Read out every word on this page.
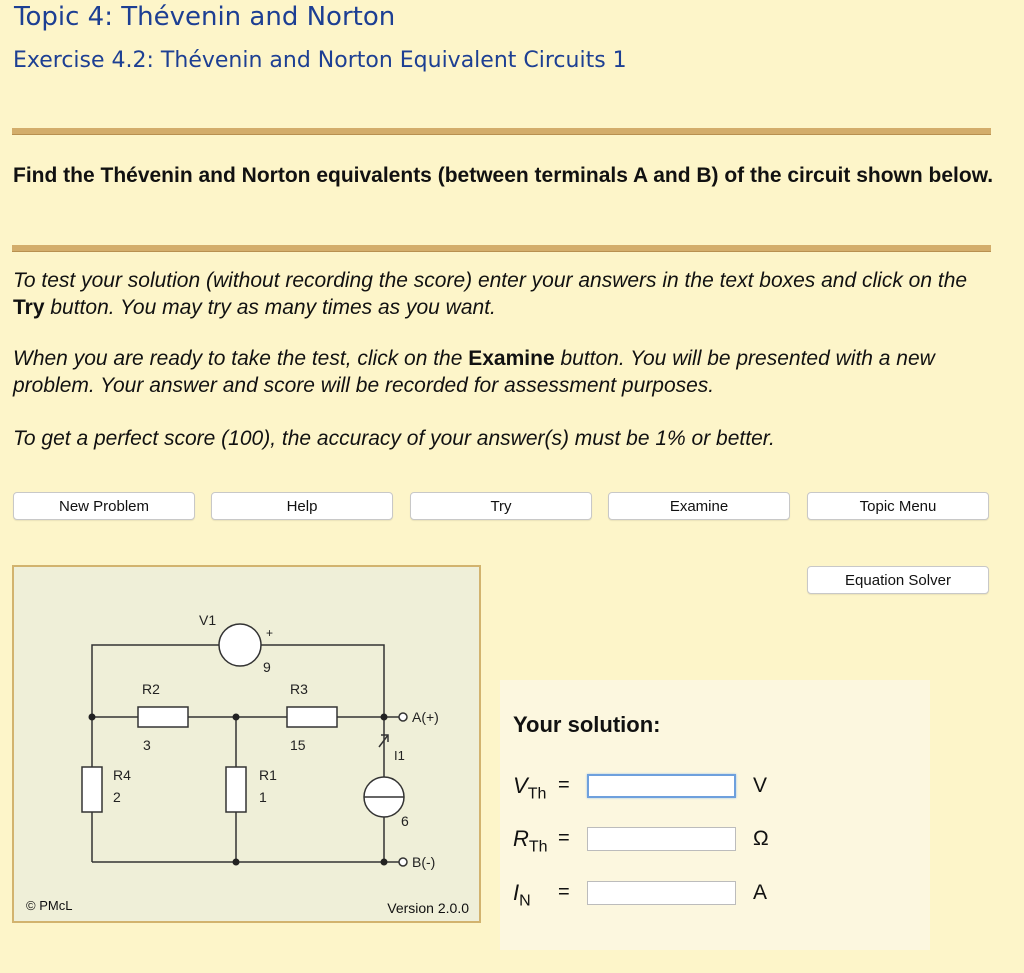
Topic 4: Thévenin and Norton
Exercise 4.2: Thévenin and Norton Equivalent Circuits 1
Find the Thévenin and Norton equivalents (between terminals A and B) of the circuit shown below.
To test your solution (without recording the score) enter your answers in the text boxes and click on the Try button. You may try as many times as you want.
When you are ready to take the test, click on the Examine button. You will be presented with a new problem. Your answer and score will be recorded for assessment purposes.
To get a perfect score (100), the accuracy of your answer(s) must be 1% or better.
New Problem	Help	Try	Examine	Topic Menu
Equation Solver
V1
+
9
R2
3
R3
15
R4
2
R1
1
I1
6
A(+)
B(-)
© PMcL	Version 2.0.0
Your solution:
$V_{Th}$ =	V
$R_{Th}$ =	Ω
$I_N$ =	A
